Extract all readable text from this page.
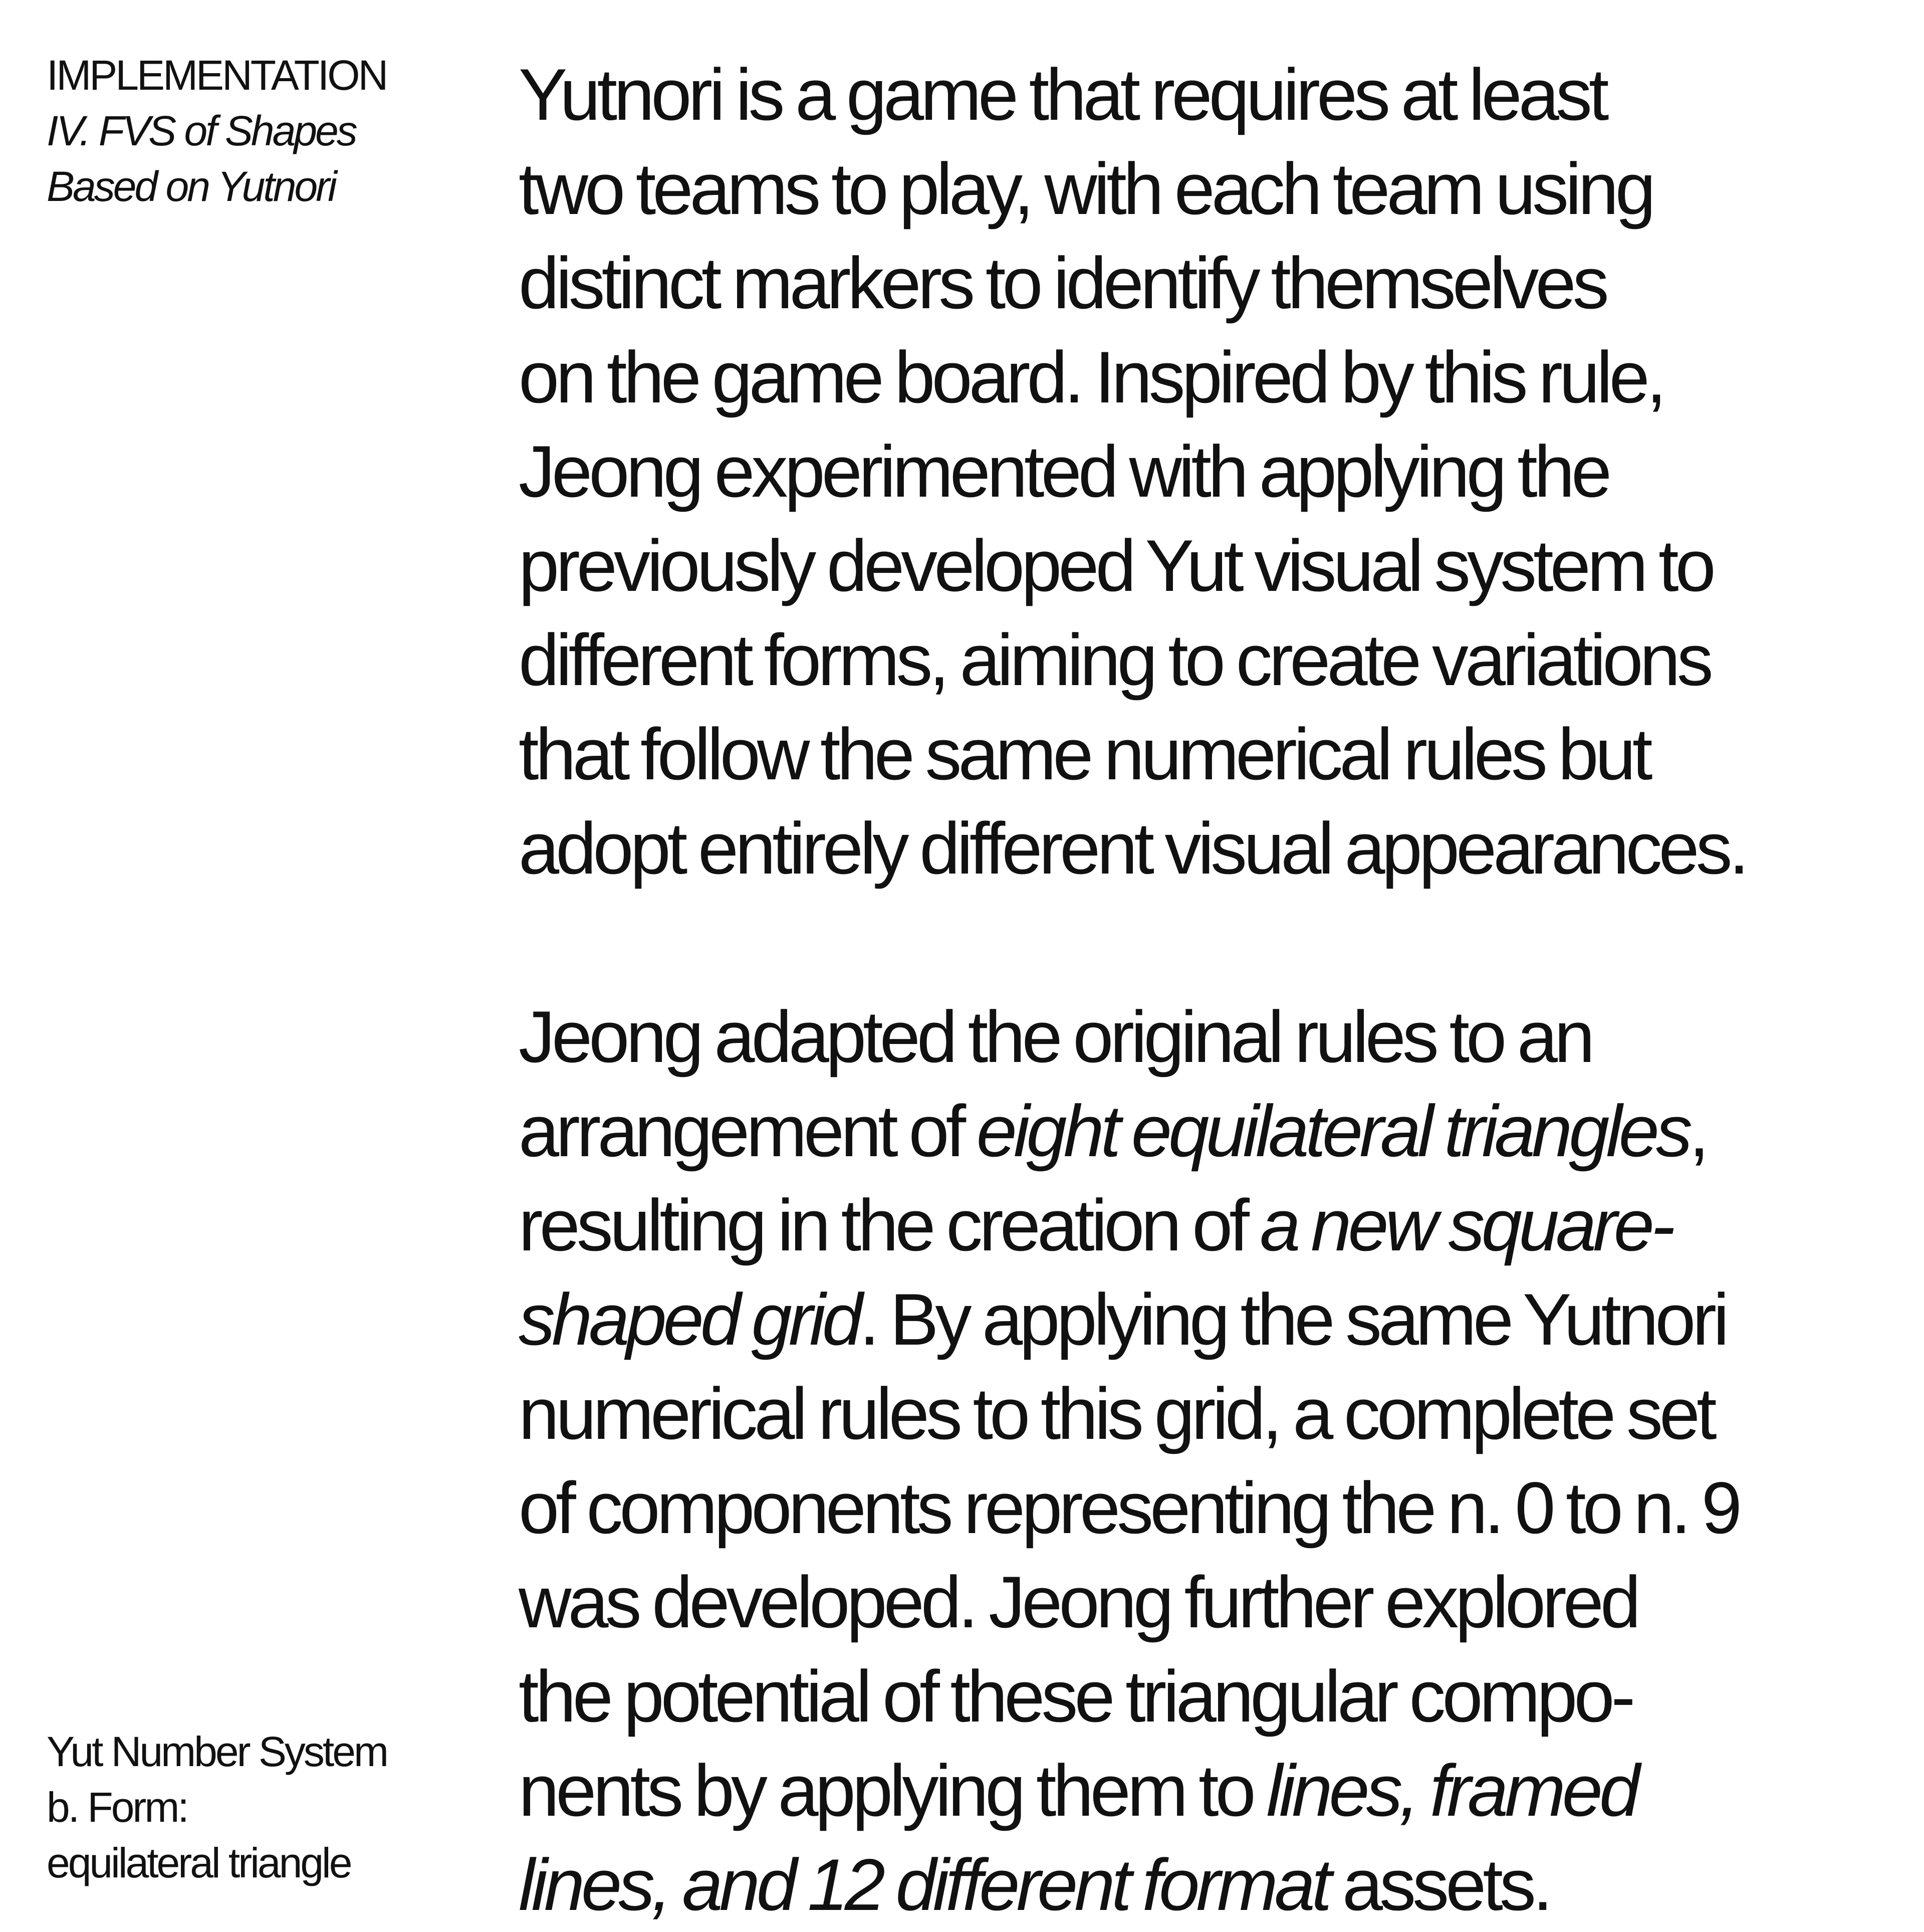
IMPLEMENTATION
IV. FVS of Shapes
Based on Yutnori

Yutnori is a game that requires at least
two teams to play, with each team using
distinct markers to identify themselves
on the game board. Inspired by this rule,
Jeong experimented with applying the
previously developed Yut visual system to
different forms, aiming to create variations
that follow the same numerical rules but
adopt entirely different visual appearances.

Jeong adapted the original rules to an
arrangement of eight equilateral triangles,
resulting in the creation of a new square-
shaped grid. By applying the same Yutnori
numerical rules to this grid, a complete set
of components representing the n. 0 to n. 9
was developed. Jeong further explored
the potential of these triangular compo-
nents by applying them to lines, framed
lines, and 12 different format assets.

Yut Number System
b. Form:
equilateral triangle
